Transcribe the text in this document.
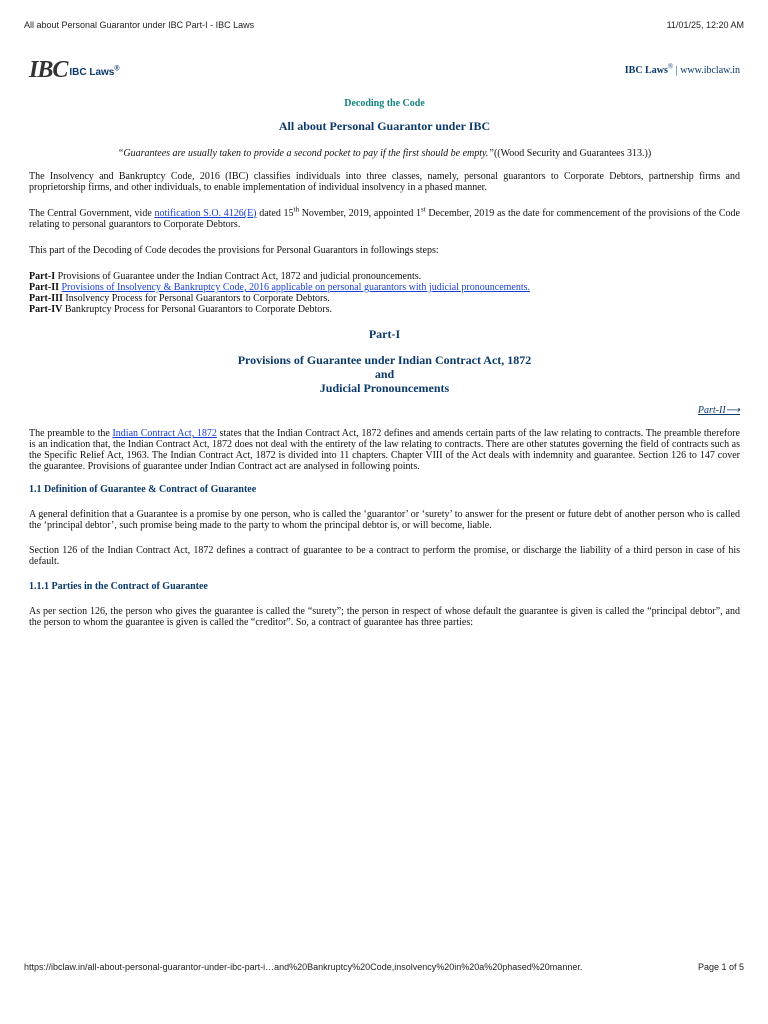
All about Personal Guarantor under IBC Part-I - IBC Laws	11/01/25, 12:20 AM
IBC IBC Laws®	IBC Laws® | www.ibclaw.in
Decoding the Code
All about Personal Guarantor under IBC

“Guarantees are usually taken to provide a second pocket to pay if the first should be empty.”((Wood Security and Guarantees 313.))

The Insolvency and Bankruptcy Code, 2016 (IBC) classifies individuals into three classes, namely, personal guarantors to Corporate Debtors, partnership firms and proprietorship firms, and other individuals, to enable implementation of individual insolvency in a phased manner.

The Central Government, vide notification S.O. 4126(E) dated 15th November, 2019, appointed 1st December, 2019 as the date for commencement of the provisions of the Code relating to personal guarantors to Corporate Debtors.

This part of the Decoding of Code decodes the provisions for Personal Guarantors in followings steps:

Part-I Provisions of Guarantee under the Indian Contract Act, 1872 and judicial pronouncements.

Part-II Provisions of Insolvency & Bankruptcy Code, 2016 applicable on personal guarantors with judicial pronouncements.

Part-III Insolvency Process for Personal Guarantors to Corporate Debtors.

Part-IV Bankruptcy Process for Personal Guarantors to Corporate Debtors.

Part-I
Provisions of Guarantee under Indian Contract Act, 1872
and
Judicial Pronouncements
Part-II⟶

The preamble to the Indian Contract Act, 1872 states that the Indian Contract Act, 1872 defines and amends certain parts of the law relating to contracts. The preamble therefore is an indication that, the Indian Contract Act, 1872 does not deal with the entirety of the law relating to contracts. There are other statutes governing the field of contracts such as the Specific Relief Act, 1963. The Indian Contract Act, 1872 is divided into 11 chapters. Chapter VIII of the Act deals with indemnity and guarantee. Section 126 to 147 cover the guarantee. Provisions of guarantee under Indian Contract act are analysed in following points.

1.1 Definition of Guarantee & Contract of Guarantee

A general definition that a Guarantee is a promise by one person, who is called the ‘guarantor’ or ‘surety’ to answer for the present or future debt of another person who is called the ‘principal debtor’, such promise being made to the party to whom the principal debtor is, or will become, liable.

Section 126 of the Indian Contract Act, 1872 defines a contract of guarantee to be a contract to perform the promise, or discharge the liability of a third person in case of his default.

1.1.1 Parties in the Contract of Guarantee

As per section 126, the person who gives the guarantee is called the “surety”; the person in respect of whose default the guarantee is given is called the “principal debtor”, and the person to whom the guarantee is given is called the “creditor”. So, a contract of guarantee has three parties:

https://ibclaw.in/all-about-personal-guarantor-under-ibc-part-i…and%20Bankruptcy%20Code,insolvency%20in%20a%20phased%20manner.	Page 1 of 5
